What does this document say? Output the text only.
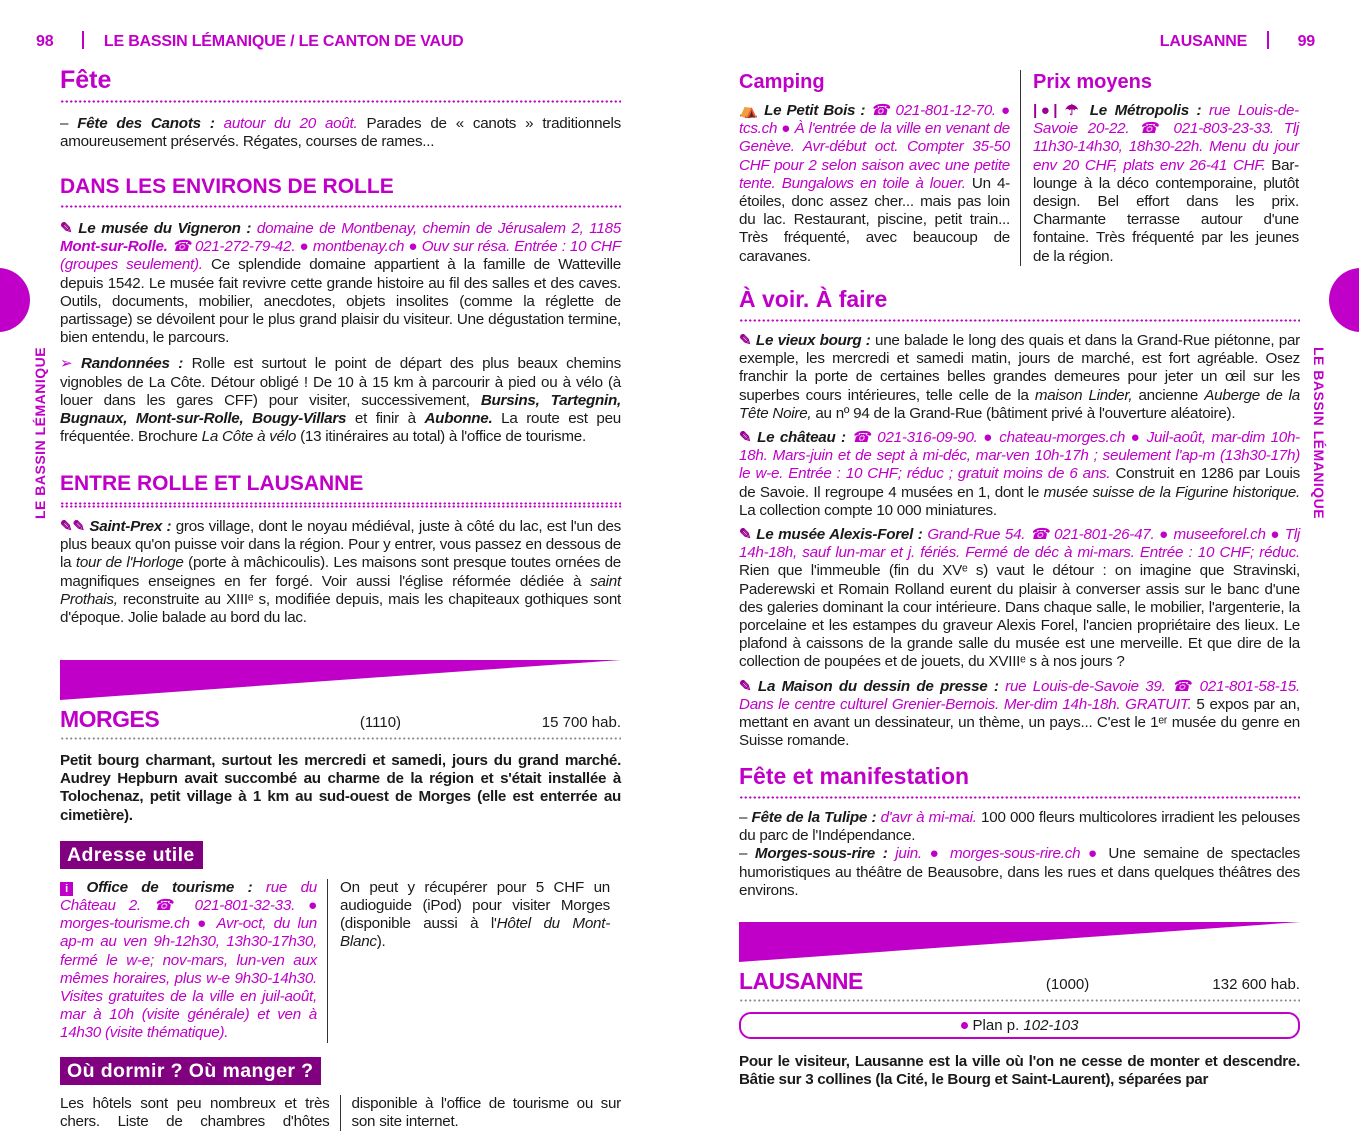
98	LE BASSIN LÉMANIQUE / LE CANTON DE VAUD
LE BASSIN LÉMANIQUE
Fête

– Fête des Canots : autour du 20 août. Parades de « canots » traditionnels amoureusement préservés. Régates, courses de rames...

DANS LES ENVIRONS DE ROLLE

✎ Le musée du Vigneron : domaine de Montbenay, chemin de Jérusalem 2, 1185 Mont-sur-Rolle. ☎ 021-272-79-42. ● montbenay.ch ● Ouv sur résa. Entrée : 10 CHF (groupes seulement). Ce splendide domaine appartient à la famille de Watteville depuis 1542. Le musée fait revivre cette grande histoire au fil des salles et des caves. Outils, documents, mobilier, anecdotes, objets insolites (comme la réglette de partissage) se dévoilent pour le plus grand plaisir du visiteur. Une dégustation termine, bien entendu, le parcours.

➢ Randonnées : Rolle est surtout le point de départ des plus beaux chemins vignobles de La Côte. Détour obligé ! De 10 à 15 km à parcourir à pied ou à vélo (à louer dans les gares CFF) pour visiter, successivement, Bursins, Tartegnin, Bugnaux, Mont-sur-Rolle, Bougy-Villars et finir à Aubonne. La route est peu fréquentée. Brochure La Côte à vélo (13 itinéraires au total) à l'office de tourisme.

ENTRE ROLLE ET LAUSANNE

✎✎ Saint-Prex : gros village, dont le noyau médiéval, juste à côté du lac, est l'un des plus beaux qu'on puisse voir dans la région. Pour y entrer, vous passez en dessous de la tour de l'Horloge (porte à mâchicoulis). Les maisons sont presque toutes ornées de magnifiques enseignes en fer forgé. Voir aussi l'église réformée dédiée à saint Prothais, reconstruite au XIIIᵉ s, modifiée depuis, mais les chapiteaux gothiques sont d'époque. Jolie balade au bord du lac.

MORGES	(1110)	15 700 hab.

Petit bourg charmant, surtout les mercredi et samedi, jours du grand marché. Audrey Hepburn avait succombé au charme de la région et s'était installée à Tolochenaz, petit village à 1 km au sud-ouest de Morges (elle est enterrée au cimetière).

Adresse utile

i Office de tourisme : rue du Château 2. ☎ 021-801-32-33. ● morges-tourisme.ch ● Avr-oct, du lun ap-m au ven 9h-12h30, 13h30-17h30, fermé le w-e; nov-mars, lun-ven aux mêmes horaires, plus w-e 9h30-14h30. Visites gratuites de la ville en juil-août, mar à 10h (visite générale) et ven à 14h30 (visite thématique).

On peut y récupérer pour 5 CHF un audioguide (iPod) pour visiter Morges (disponible aussi à l'Hôtel du Mont-Blanc).

Où dormir ? Où manger ?

Les hôtels sont peu nombreux et très chers. Liste de chambres d'hôtes disponible à l'office de tourisme ou sur son site internet.

LAUSANNE	99
LE BASSIN LÉMANIQUE
Camping

⛺ Le Petit Bois : ☎ 021-801-12-70. ● tcs.ch ● À l'entrée de la ville en venant de Genève. Avr-début oct. Compter 35-50 CHF pour 2 selon saison avec une petite tente. Bungalows en toile à louer. Un 4-étoiles, donc assez cher... mais pas loin du lac. Restaurant, piscine, petit train... Très fréquenté, avec beaucoup de caravanes.

Prix moyens

|●| ☂ Le Métropolis : rue Louis-de-Savoie 20-22. ☎ 021-803-23-33. Tlj 11h30-14h30, 18h30-22h. Menu du jour env 20 CHF, plats env 26-41 CHF. Bar-lounge à la déco contemporaine, plutôt design. Bel effort dans les prix. Charmante terrasse autour d'une fontaine. Très fréquenté par les jeunes de la région.

À voir. À faire

✎ Le vieux bourg : une balade le long des quais et dans la Grand-Rue piétonne, par exemple, les mercredi et samedi matin, jours de marché, est fort agréable. Osez franchir la porte de certaines belles grandes demeures pour jeter un œil sur les superbes cours intérieures, telle celle de la maison Linder, ancienne Auberge de la Tête Noire, au nº 94 de la Grand-Rue (bâtiment privé à l'ouverture aléatoire).

✎ Le château : ☎ 021-316-09-90. ● chateau-morges.ch ● Juil-août, mar-dim 10h-18h. Mars-juin et de sept à mi-déc, mar-ven 10h-17h ; seulement l'ap-m (13h30-17h) le w-e. Entrée : 10 CHF; réduc ; gratuit moins de 6 ans. Construit en 1286 par Louis de Savoie. Il regroupe 4 musées en 1, dont le musée suisse de la Figurine historique. La collection compte 10 000 miniatures.

✎ Le musée Alexis-Forel : Grand-Rue 54. ☎ 021-801-26-47. ● museeforel.ch ● Tlj 14h-18h, sauf lun-mar et j. fériés. Fermé de déc à mi-mars. Entrée : 10 CHF; réduc. Rien que l'immeuble (fin du XVᵉ s) vaut le détour : on imagine que Stravinski, Paderewski et Romain Rolland eurent du plaisir à converser assis sur le banc d'une des galeries dominant la cour intérieure. Dans chaque salle, le mobilier, l'argenterie, la porcelaine et les estampes du graveur Alexis Forel, l'ancien propriétaire des lieux. Le plafond à caissons de la grande salle du musée est une merveille. Et que dire de la collection de poupées et de jouets, du XVIIIᵉ s à nos jours ?

✎ La Maison du dessin de presse : rue Louis-de-Savoie 39. ☎ 021-801-58-15. Dans le centre culturel Grenier-Bernois. Mer-dim 14h-18h. GRATUIT. 5 expos par an, mettant en avant un dessinateur, un thème, un pays... C'est le 1ᵉʳ musée du genre en Suisse romande.

Fête et manifestation

– Fête de la Tulipe : d'avr à mi-mai. 100 000 fleurs multicolores irradient les pelouses du parc de l'Indépendance.

– Morges-sous-rire : juin. ● morges-sous-rire.ch ● Une semaine de spectacles humoristiques au théâtre de Beausobre, dans les rues et dans quelques théâtres des environs.

LAUSANNE	(1000)	132 600 hab.
Plan p. 102-103

Pour le visiteur, Lausanne est la ville où l'on ne cesse de monter et descendre. Bâtie sur 3 collines (la Cité, le Bourg et Saint-Laurent), séparées par
